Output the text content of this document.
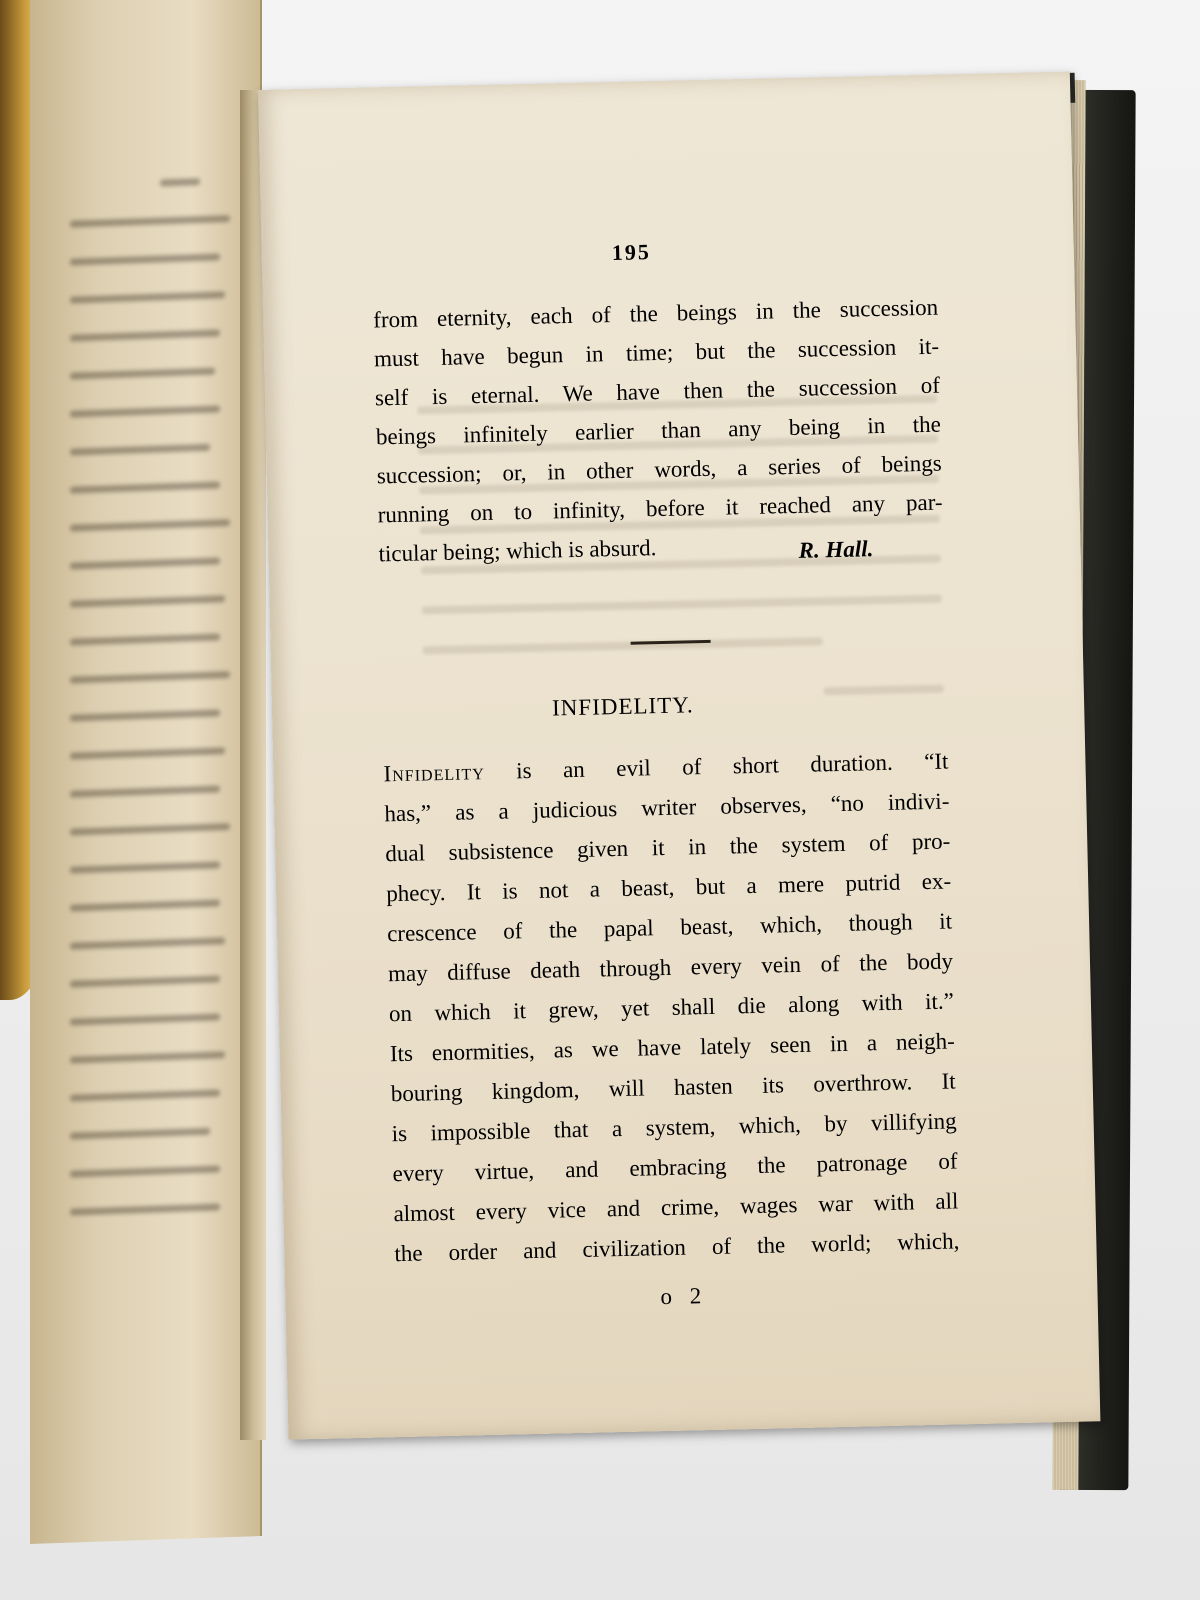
195
from eternity, each of the beings in the succession
must have begun in time; but the succession it-
self is eternal. We have then the succession of
beings infinitely earlier than any being in the
succession; or, in other words, a series of beings
running on to infinity, before it reached any par-
ticular being; which is absurd.	R. Hall.
INFIDELITY.
Infidelity is an evil of short duration. “It
has,” as a judicious writer observes, “no indivi-
dual subsistence given it in the system of pro-
phecy. It is not a beast, but a mere putrid ex-
crescence of the papal beast, which, though it
may diffuse death through every vein of the body
on which it grew, yet shall die along with it.”
Its enormities, as we have lately seen in a neigh-
bouring kingdom, will hasten its overthrow. It
is impossible that a system, which, by villifying
every virtue, and embracing the patronage of
almost every vice and crime, wages war with all
the order and civilization of the world; which,
o 2
